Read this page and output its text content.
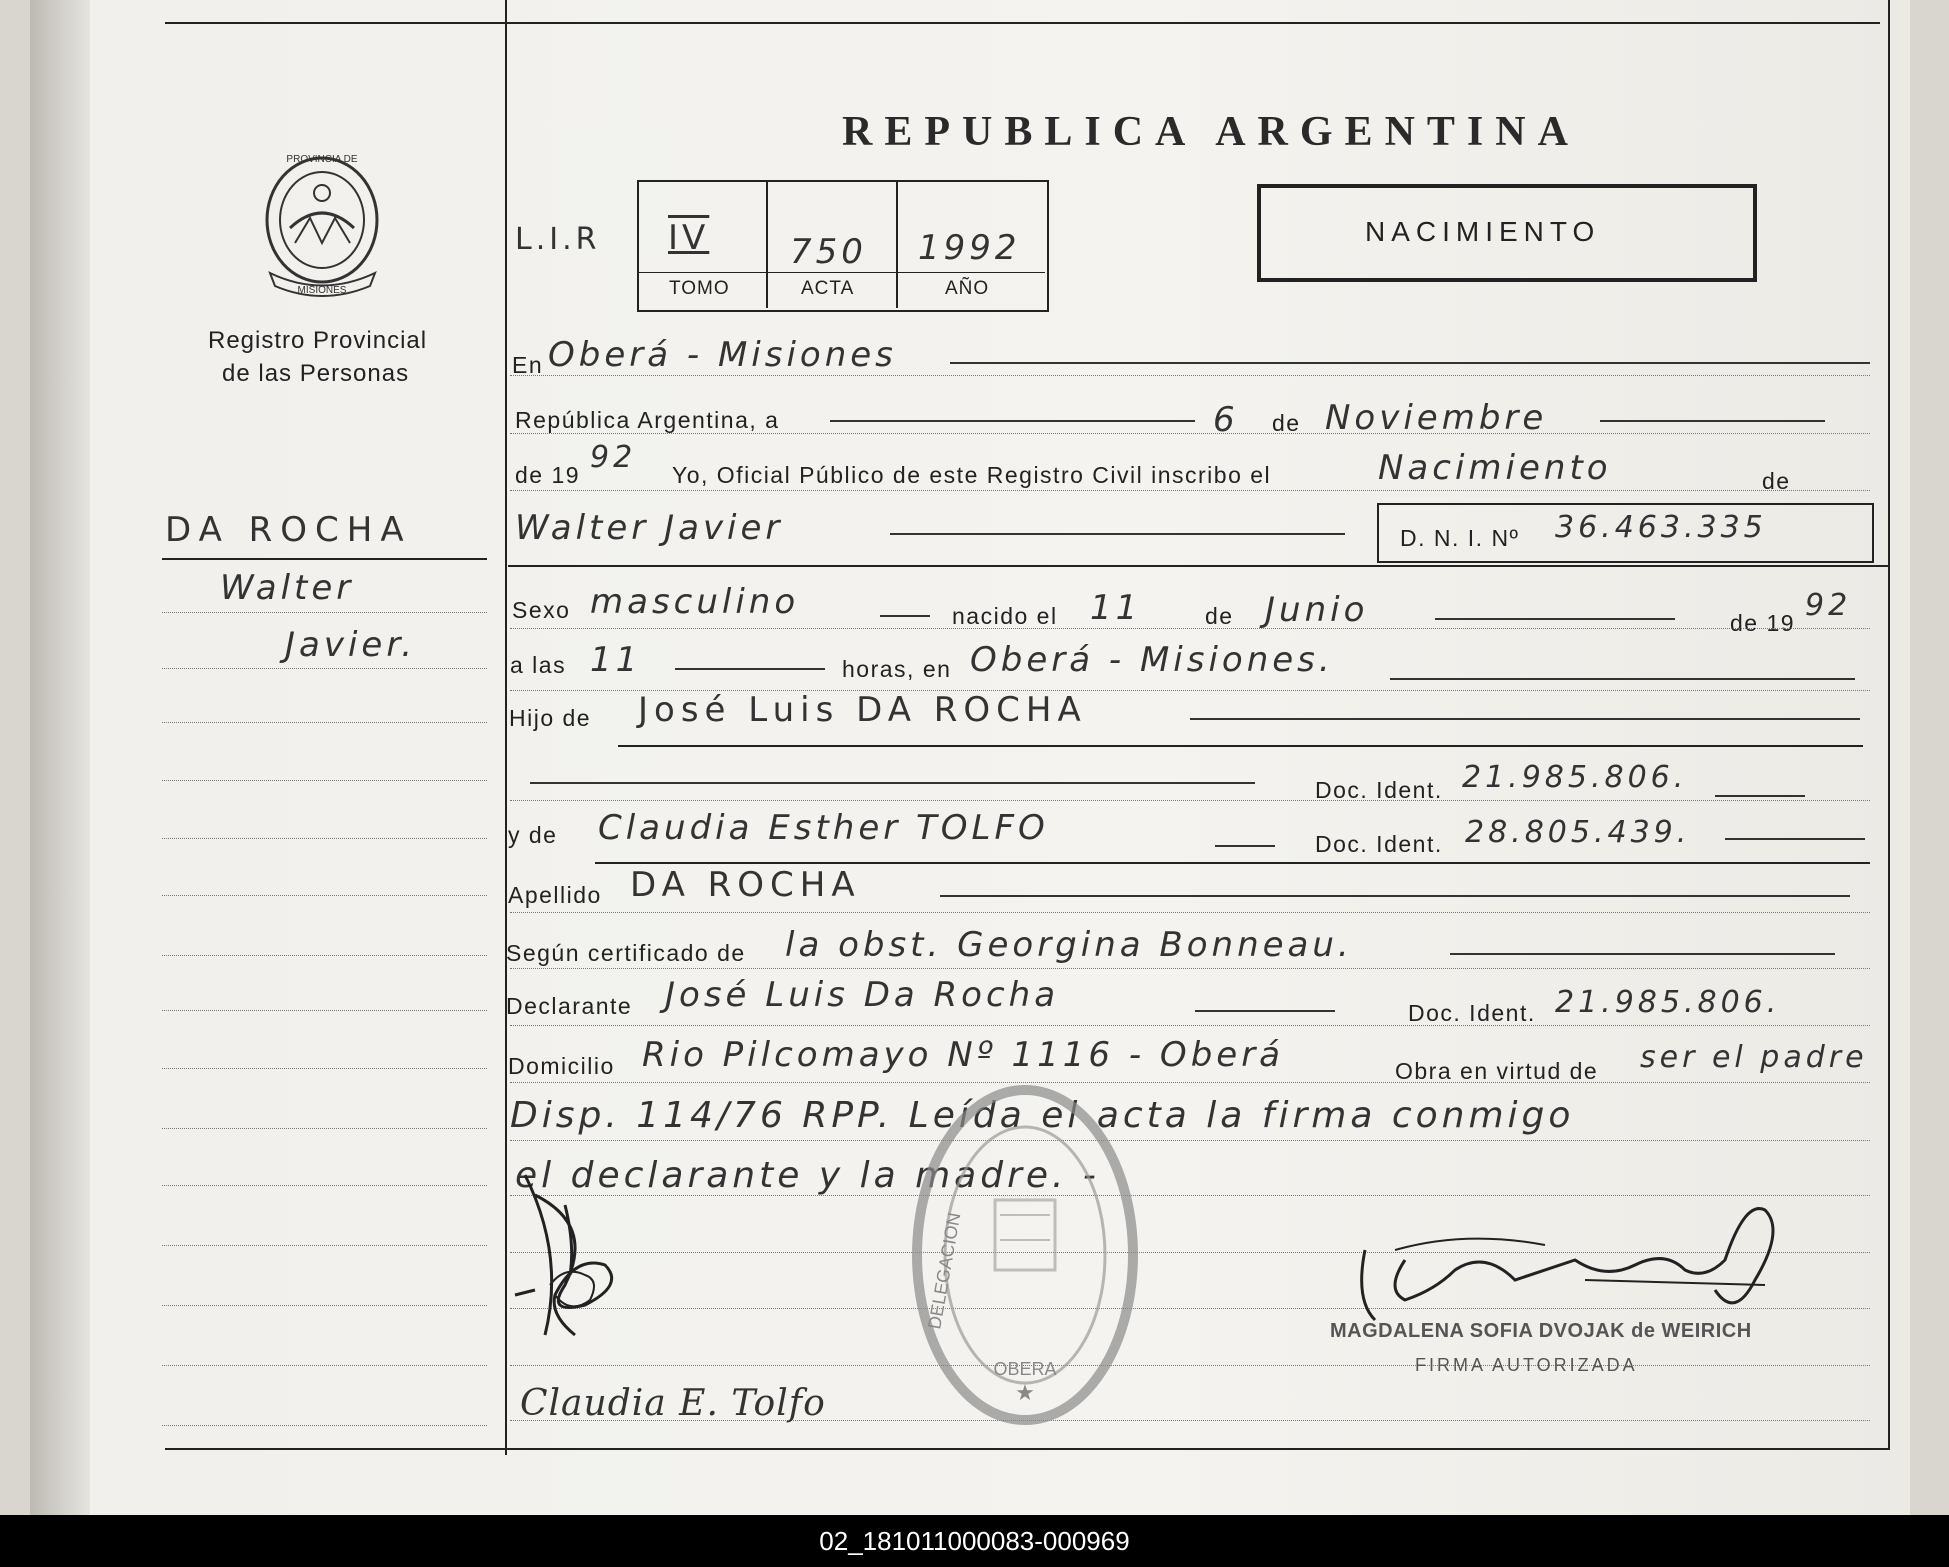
PROVINCIA DE
MISIONES
Registro Provincial
de las Personas
DA ROCHA
Walter
Javier.
REPUBLICA ARGENTINA
L.I.R IV 750 1992
TOMO	ACTA	AÑO
NACIMIENTO
En Oberá - Misiones
República Argentina, a	6 de Noviembre
de 19 92 Yo, Oficial Público de este Registro Civil inscribo el	Nacimiento	de
Walter Javier	D. N. I. Nº 36.463.335
Sexo masculino	nacido el 11	de Junio	de 19 92
a las 11	horas, en Oberá - Misiones.
Hijo de José Luis DA ROCHA
Doc. Ident. 21.985.806.
y de Claudia Esther TOLFO	Doc. Ident. 28.805.439.
Apellido DA ROCHA
Según certificado de la obst. Georgina Bonneau.
Declarante José Luis Da Rocha	Doc. Ident. 21.985.806.
Domicilio Rio Pilcomayo Nº 1116 - Oberá	Obra en virtud de ser el padre
Disp. 114/76 RPP. Leída el acta la firma conmigo
el declarante y la madre. -
OBERA
DELEGACION
★
Claudia E. Tolfo
MAGDALENA SOFIA DVOJAK de WEIRICH
FIRMA AUTORIZADA
02_181011000083-000969
